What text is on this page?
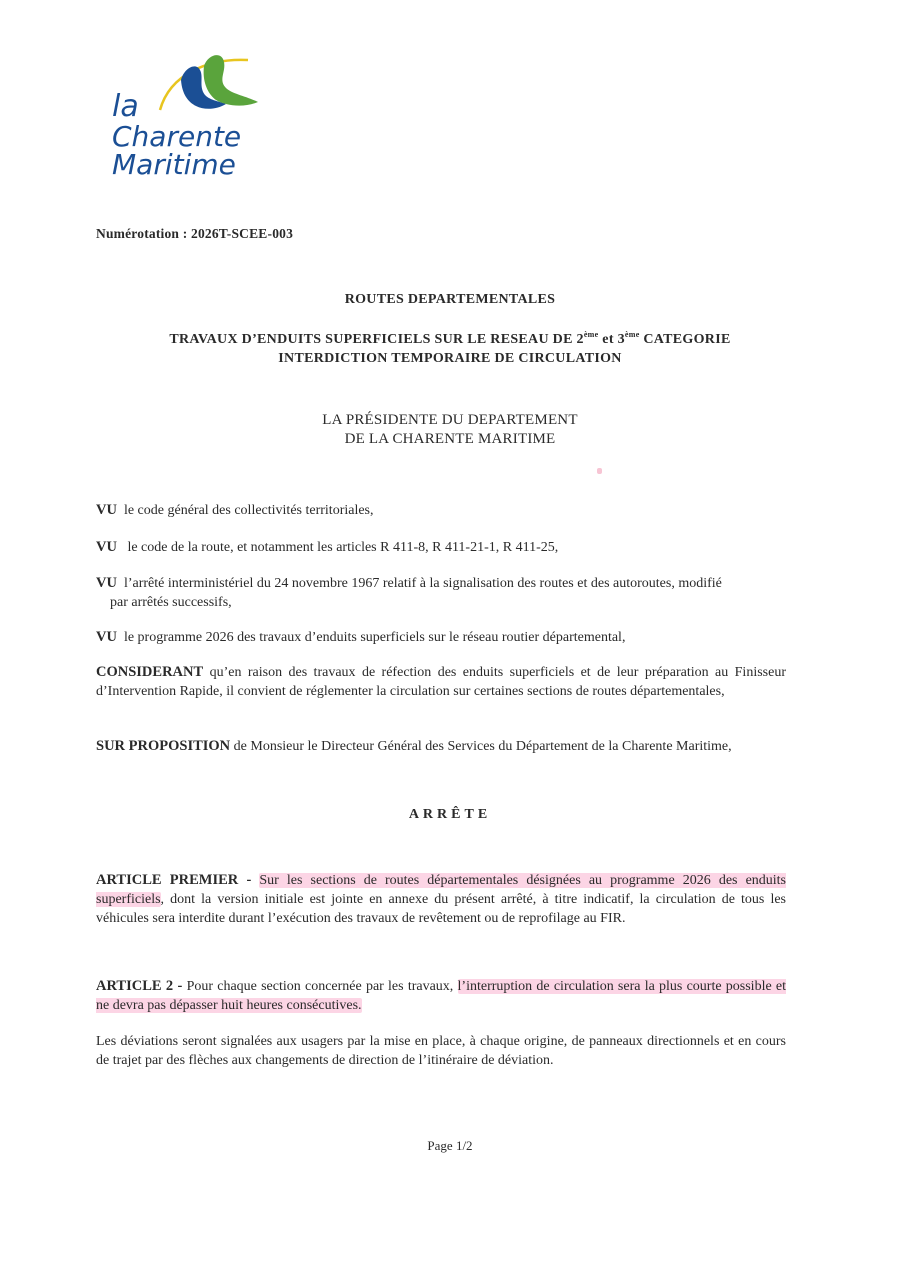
la
Charente
Maritime
Numérotation : 2026T-SCEE-003
ROUTES DEPARTEMENTALES
TRAVAUX D’ENDUITS SUPERFICIELS SUR LE RESEAU DE 2ème et 3ème CATEGORIE
INTERDICTION TEMPORAIRE DE CIRCULATION
LA PRÉSIDENTE DU DEPARTEMENT
DE LA CHARENTE MARITIME
VU le code général des collectivités territoriales,
VU le code de la route, et notamment les articles R 411-8, R 411-21-1, R 411-25,
VU l’arrêté interministériel du 24 novembre 1967 relatif à la signalisation des routes et des autoroutes, modifié
par arrêtés successifs,
VU le programme 2026 des travaux d’enduits superficiels sur le réseau routier départemental,
CONSIDERANT qu’en raison des travaux de réfection des enduits superficiels et de leur préparation au Finisseur d’Intervention Rapide, il convient de réglementer la circulation sur certaines sections de routes départementales,
SUR PROPOSITION de Monsieur le Directeur Général des Services du Département de la Charente Maritime,
ARRÊTE
ARTICLE PREMIER - Sur les sections de routes départementales désignées au programme 2026 des enduits superficiels, dont la version initiale est jointe en annexe du présent arrêté, à titre indicatif, la circulation de tous les véhicules sera interdite durant l’exécution des travaux de revêtement ou de reprofilage au FIR.
ARTICLE 2 - Pour chaque section concernée par les travaux, l’interruption de circulation sera la plus courte possible et ne devra pas dépasser huit heures consécutives.
Les déviations seront signalées aux usagers par la mise en place, à chaque origine, de panneaux directionnels et en cours de trajet par des flèches aux changements de direction de l’itinéraire de déviation.
Page 1/2
